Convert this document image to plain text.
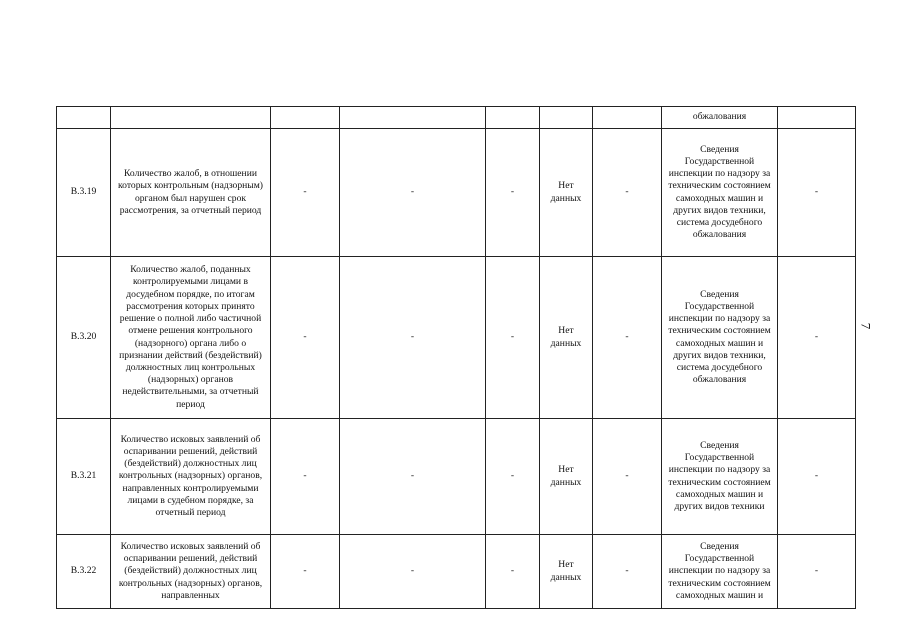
							обжалования	
В.3.19	Количество жалоб, в отношении которых контрольным (надзорным) органом был нарушен срок рассмотрения, за отчетный период	-	-	-	Нет данных	-	Сведения Государственной инспекции по надзору за техническим состоянием самоходных машин и других видов техники, система досудебного обжалования	-
В.3.20	Количество жалоб, поданных контролируемыми лицами в досудебном порядке, по итогам рассмотрения которых принято решение о полной либо частичной отмене решения контрольного (надзорного) органа либо о признании действий (бездействий) должностных лиц контрольных (надзорных) органов недействительными, за отчетный период	-	-	-	Нет данных	-	Сведения Государственной инспекции по надзору за техническим состоянием самоходных машин и других видов техники, система досудебного обжалования	-
В.3.21	Количество исковых заявлений об оспаривании решений, действий (бездействий) должностных лиц контрольных (надзорных) органов, направленных контролируемыми лицами в судебном порядке, за отчетный период	-	-	-	Нет данных	-	Сведения Государственной инспекции по надзору за техническим состоянием самоходных машин и других видов техники	-
В.3.22	Количество исковых заявлений об оспаривании решений, действий (бездействий) должностных лиц контрольных (надзорных) органов, направленных	-	-	-	Нет данных	-	Сведения Государственной инспекции по надзору за техническим состоянием самоходных машин и	-
7
